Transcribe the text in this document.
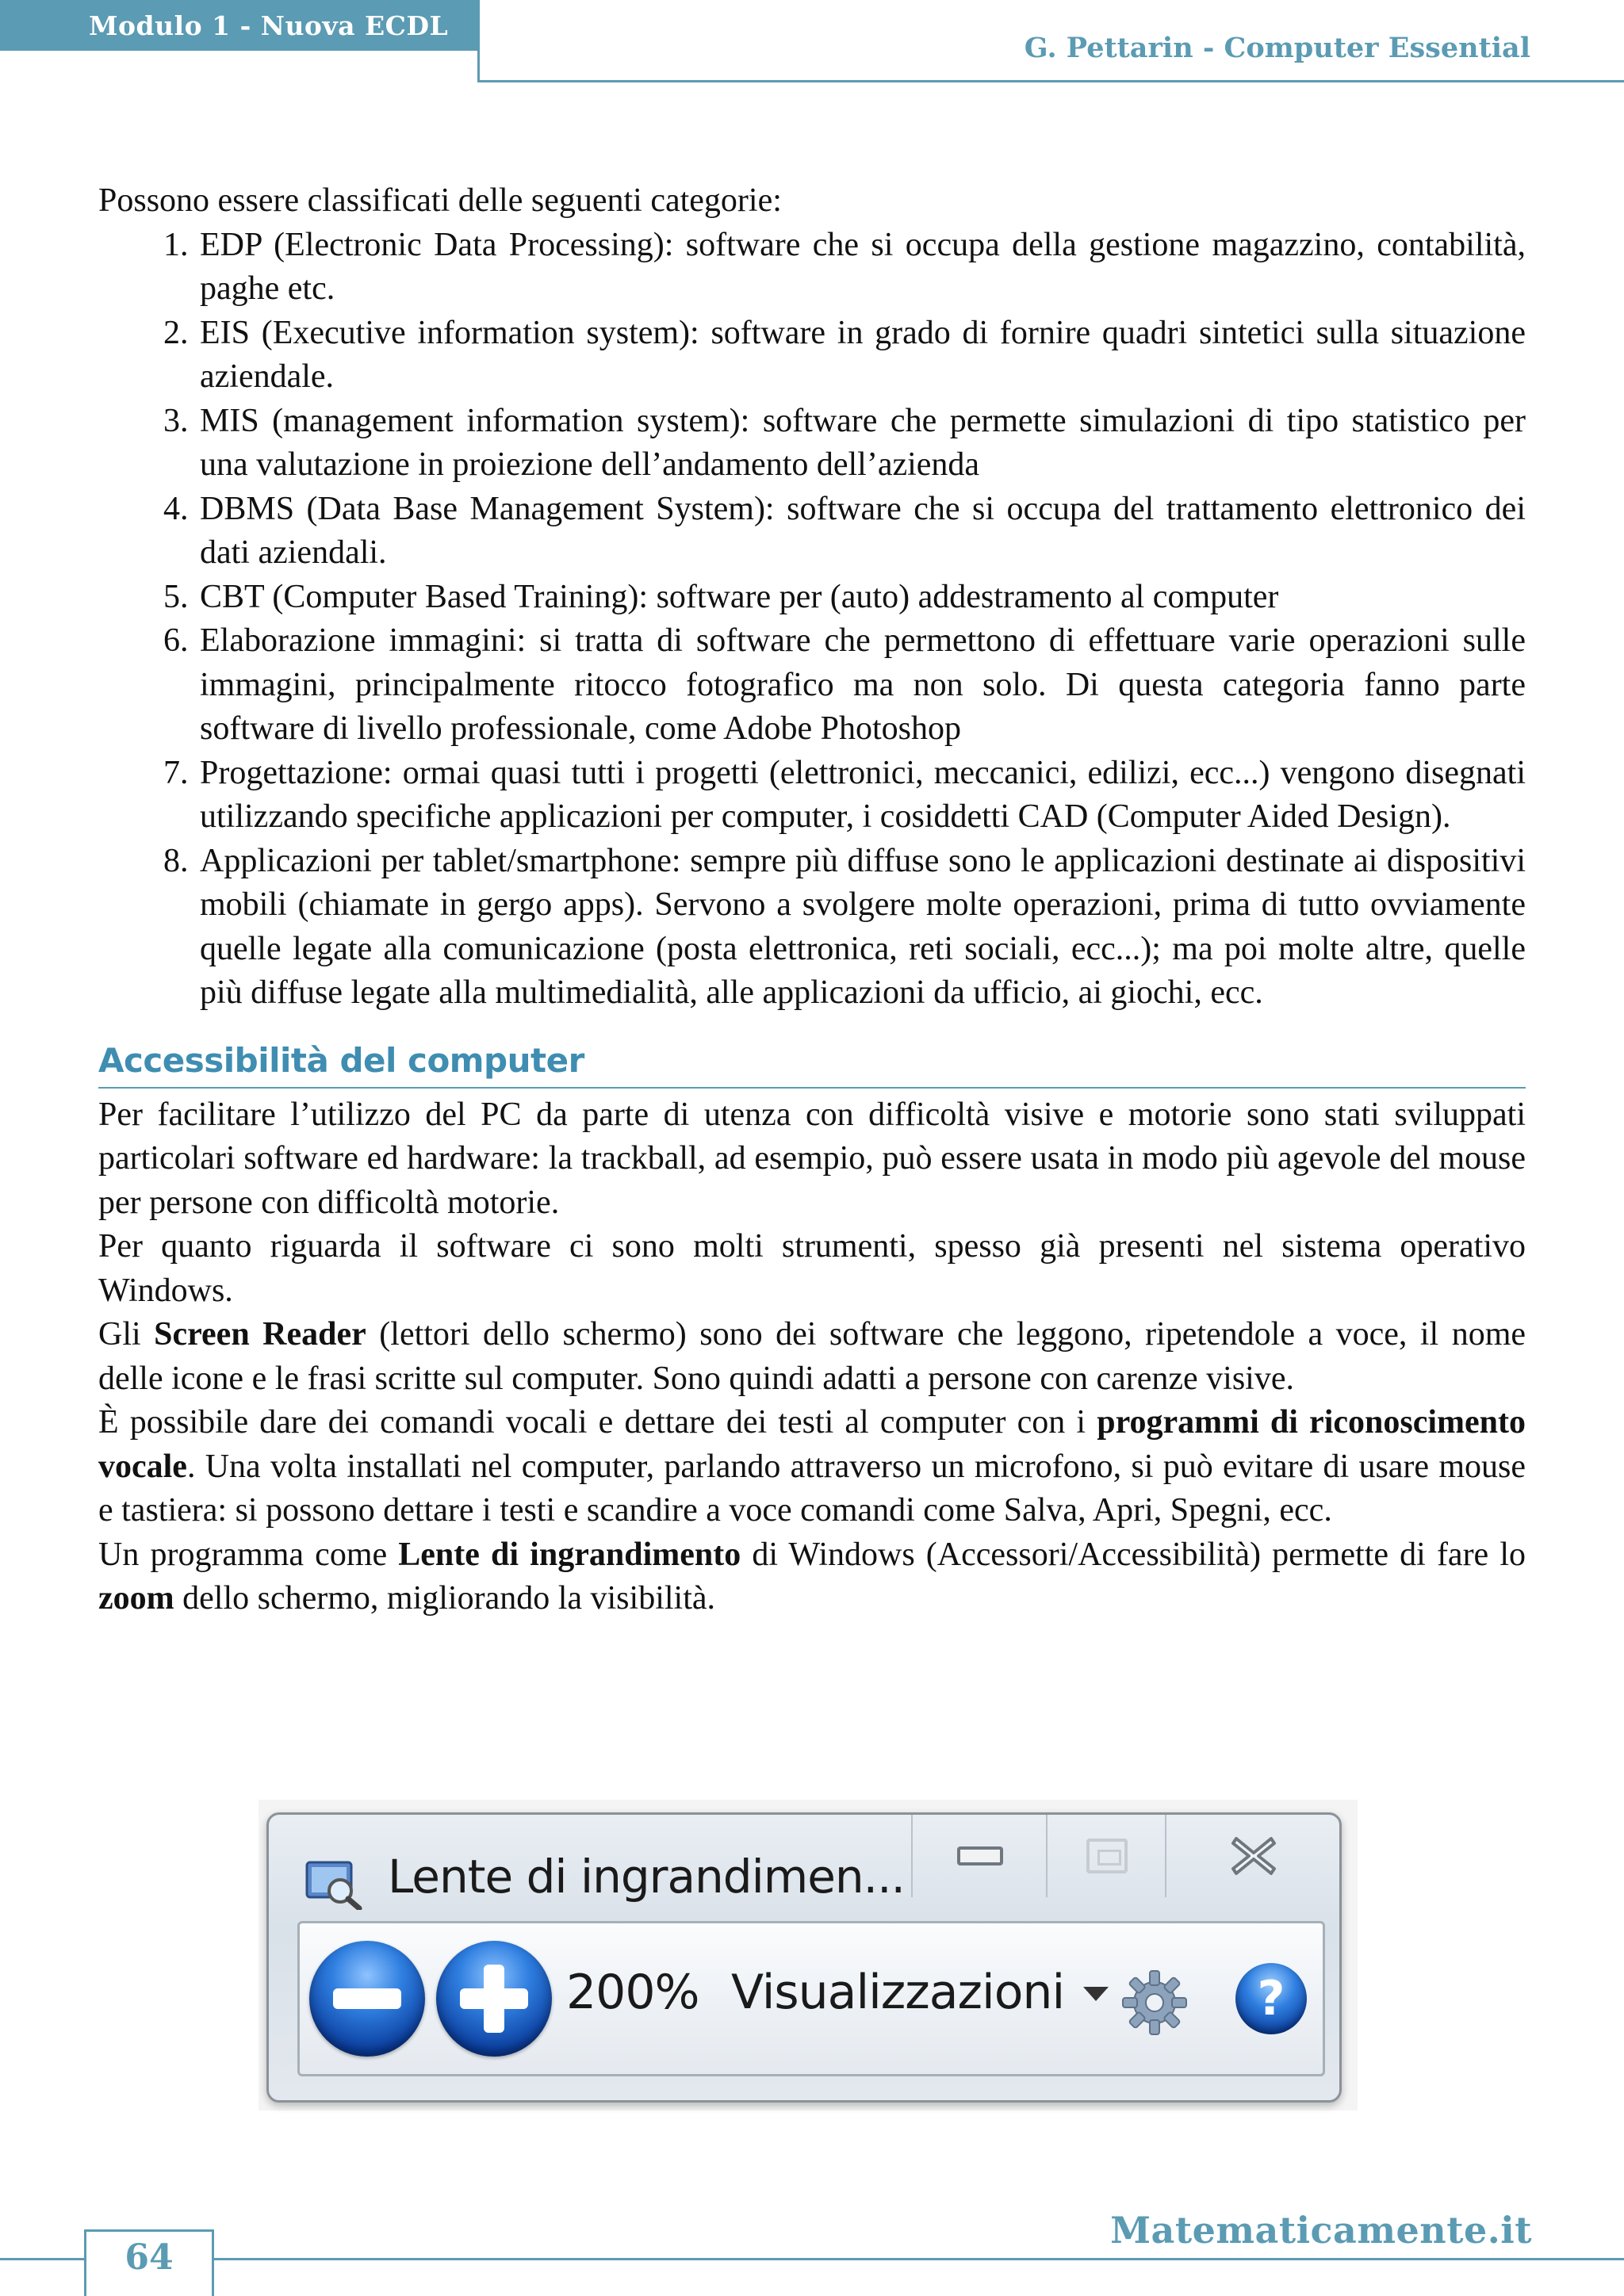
Modulo 1 - Nuova ECDL
G. Pettarin - Computer Essential

Possono essere classificati delle seguenti categorie:

1. EDP (Electronic Data Processing): software che si occupa della gestione magazzino, contabilità, paghe etc.
2. EIS (Executive information system): software in grado di fornire quadri sintetici sulla situazione aziendale.
3. MIS (management information system): software che permette simulazioni di tipo statistico per una valutazione in proiezione dell’andamento dell’azienda
4. DBMS (Data Base Management System): software che si occupa del trattamento elettronico dei dati aziendali.
5. CBT (Computer Based Training): software per (auto) addestramento al computer
6. Elaborazione immagini: si tratta di software che permettono di effettuare varie operazioni sulle immagini, principalmente ritocco fotografico ma non solo. Di questa categoria fanno parte software di livello professionale, come Adobe Photoshop
7. Progettazione: ormai quasi tutti i progetti (elettronici, meccanici, edilizi, ecc...) vengono disegnati utilizzando specifiche applicazioni per computer, i cosiddetti CAD (Computer Aided Design).
8. Applicazioni per tablet/smartphone: sempre più diffuse sono le applicazioni destinate ai dispositivi mobili (chiamate in gergo apps). Servono a svolgere molte operazioni, prima di tutto ovviamente quelle legate alla comunicazione (posta elettronica, reti sociali, ecc...); ma poi molte altre, quelle più diffuse legate alla multimedialità, alle applicazioni da ufficio, ai giochi, ecc.
Accessibilità del computer

Per facilitare l’utilizzo del PC da parte di utenza con difficoltà visive e motorie sono stati sviluppati particolari software ed hardware: la trackball, ad esempio, può essere usata in modo più agevole del mouse per persone con difficoltà motorie.

Per quanto riguarda il software ci sono molti strumenti, spesso già presenti nel sistema operativo Windows.

Gli Screen Reader (lettori dello schermo) sono dei software che leggono, ripetendole a voce, il nome delle icone e le frasi scritte sul computer. Sono quindi adatti a persone con carenze visive.

È possibile dare dei comandi vocali e dettare dei testi al computer con i programmi di riconoscimento vocale. Una volta installati nel computer, parlando attraverso un microfono, si può evitare di usare mouse e tastiera: si possono dettare i testi e scandire a voce comandi come Salva, Apri, Spegni, ecc.

Un programma come Lente di ingrandimento di Windows (Accessori/Accessibilità) permette di fare lo zoom dello schermo, migliorando la visibilità.

Lente di ingrandimen...
200% Visualizzazioni	?
Matematicamente.it
64
